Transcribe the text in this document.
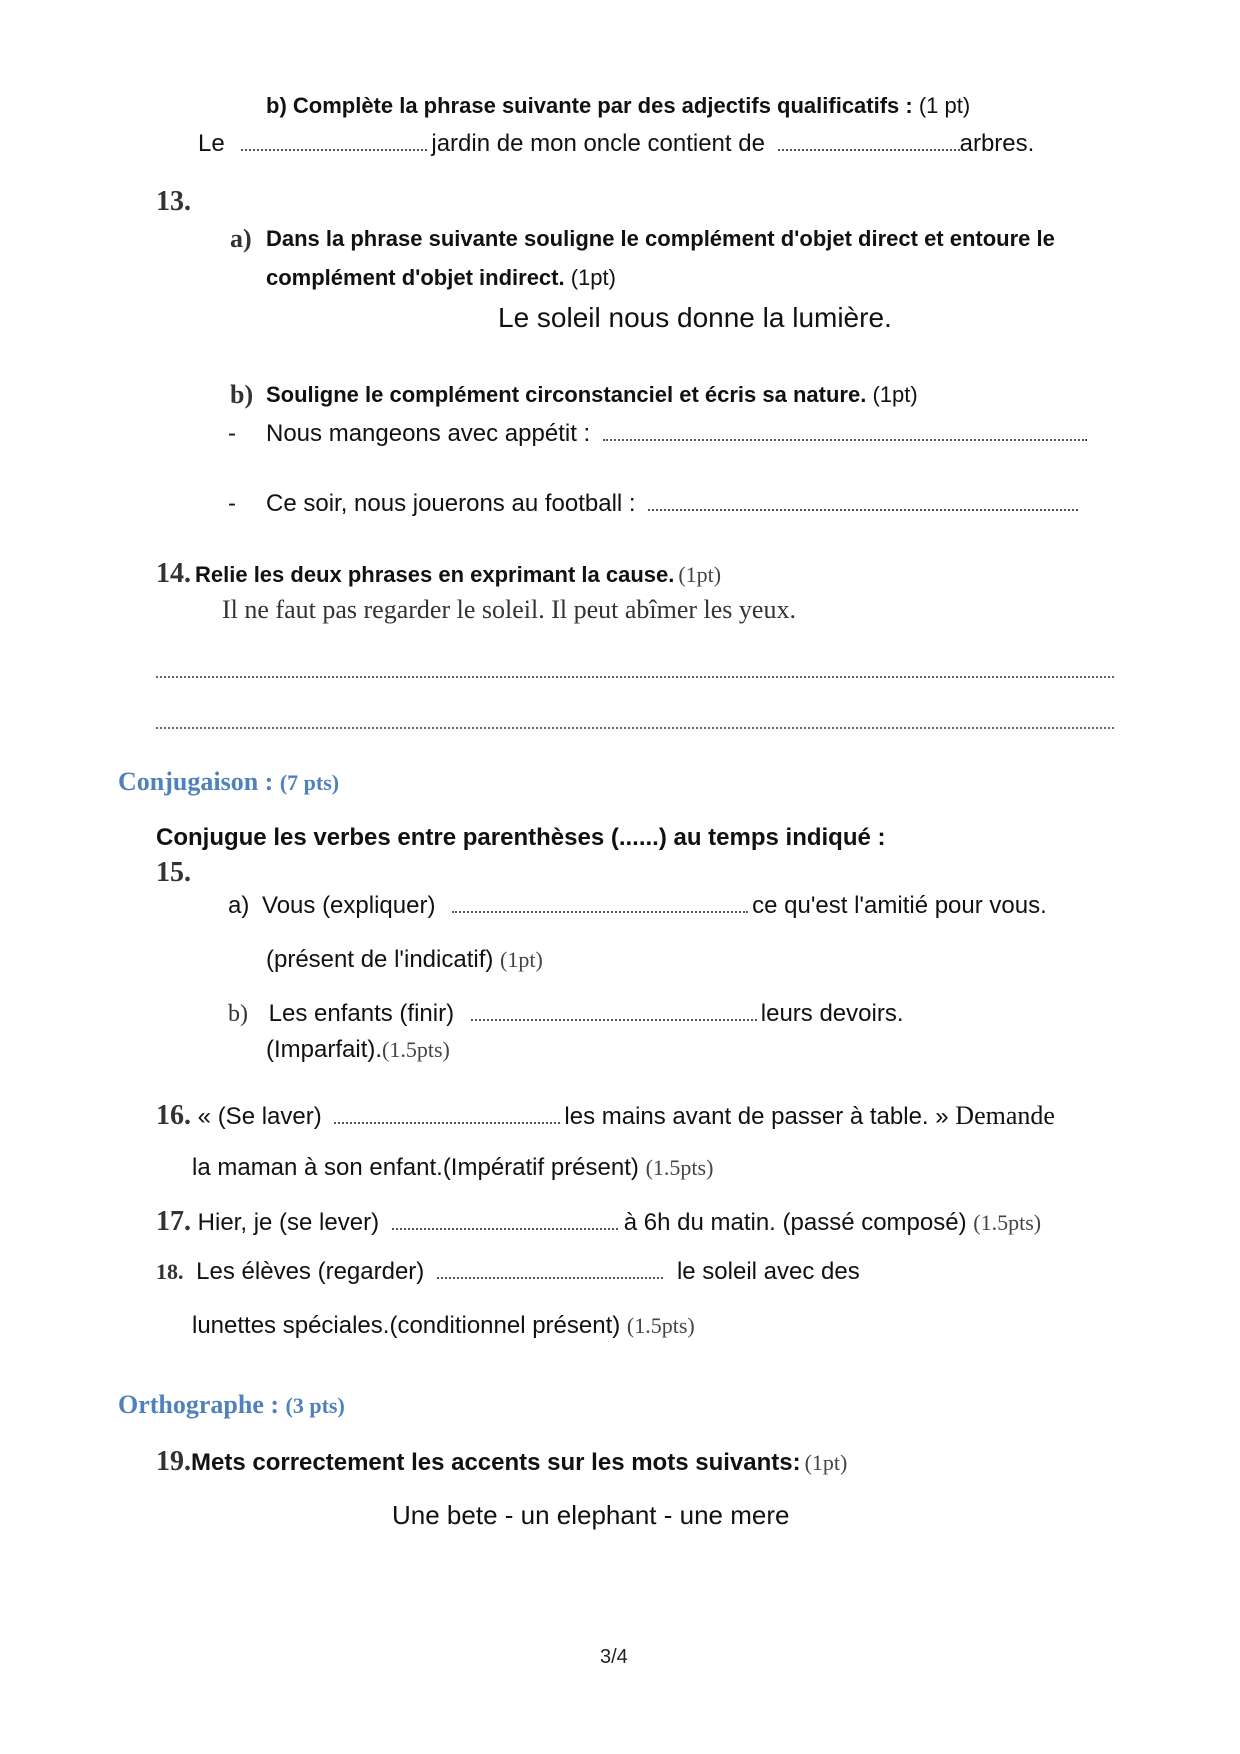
b) Complète la phrase suivante par des adjectifs qualificatifs : (1 pt)
Le	jardin de mon oncle contient de	arbres.
13.
a) Dans la phrase suivante souligne le complément d'objet direct et entoure le
complément d'objet indirect. (1pt)
Le soleil nous donne la lumière.
b) Souligne le complément circonstanciel et écris sa nature. (1pt)
- Nous mangeons avec appétit :
- Ce soir, nous jouerons au football :
14. Relie les deux phrases en exprimant la cause. (1pt)
Il ne faut pas regarder le soleil. Il peut abîmer les yeux.
Conjugaison : (7 pts)
Conjugue les verbes entre parenthèses (......) au temps indiqué :
15.
a) Vous (expliquer)	ce qu'est l'amitié pour vous.
(présent de l'indicatif) (1pt)
b) Les enfants (finir)	leurs devoirs.
(Imparfait).(1.5pts)
16. « (Se laver)	les mains avant de passer à table. » Demande
la maman à son enfant.(Impératif présent) (1.5pts)
17. Hier, je (se lever)	à 6h du matin. (passé composé) (1.5pts)
18. Les élèves (regarder)	le soleil avec des
lunettes spéciales.(conditionnel présent) (1.5pts)
Orthographe : (3 pts)
19.Mets correctement les accents sur les mots suivants: (1pt)
Une bete - un elephant - une mere
3/4
